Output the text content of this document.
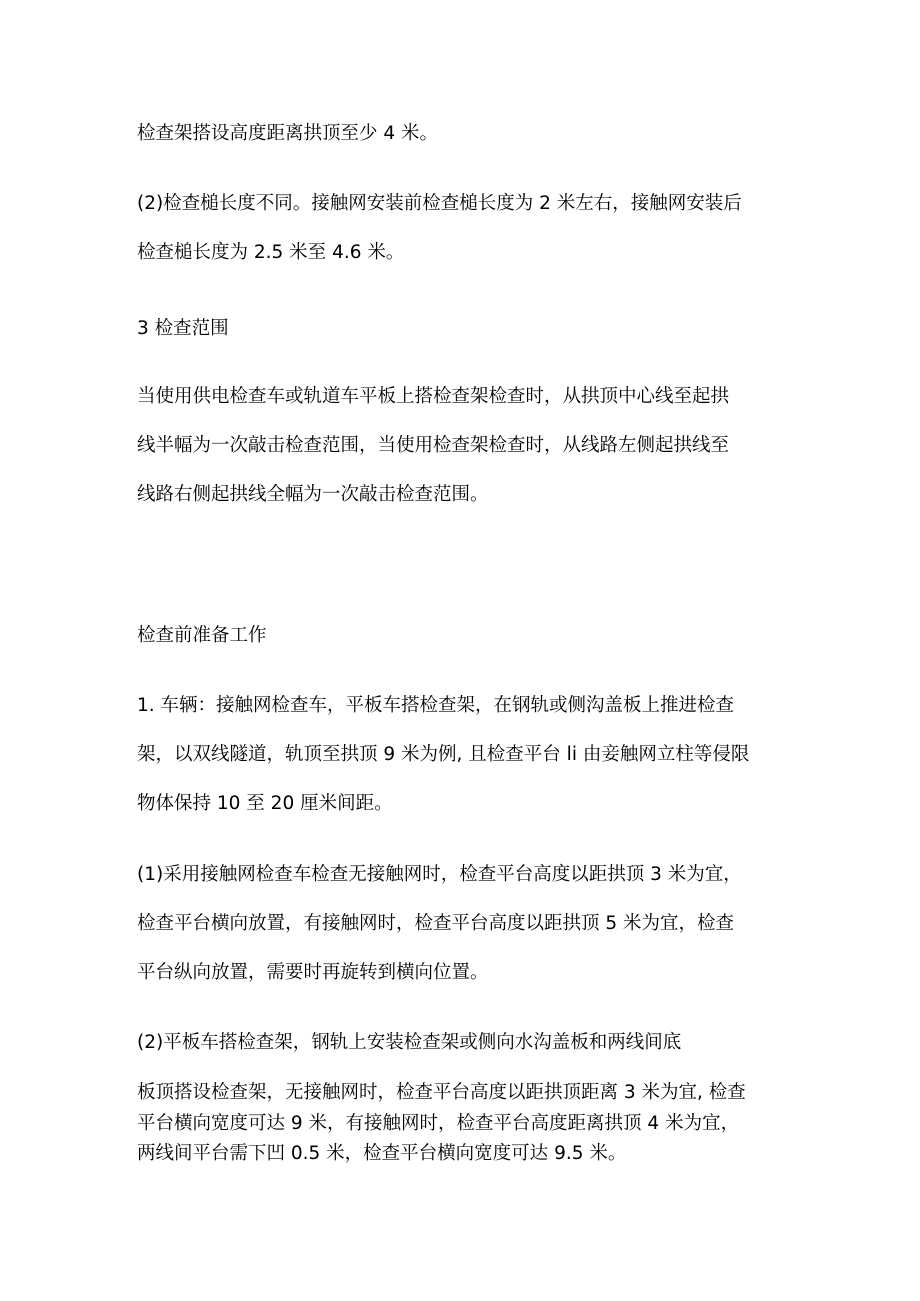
检查架搭设高度距离拱顶至少 4 米。
(2)检查槌长度不同。接触网安装前检查槌长度为 2 米左右，接触网安装后
检查槌长度为 2.5 米至 4.6 米。
3 检查范围
当使用供电检查车或轨道车平板上搭检查架检查时，从拱顶中心线至起拱
线半幅为一次敲击检查范围，当使用检查架检查时，从线路左侧起拱线至
线路右侧起拱线全幅为一次敲击检查范围。
检查前准备工作
1. 车辆：接触网检查车，平板车搭检查架，在钢轨或侧沟盖板上推进检查
架，以双线隧道，轨顶至拱顶 9 米为例, 且检查平台 li 由妾触网立柱等侵限
物体保持 10 至 20 厘米间距。
(1)采用接触网检查车检查无接触网时，检查平台高度以距拱顶 3 米为宜，
检查平台横向放置，有接触网时，检查平台高度以距拱顶 5 米为宜，检查
平台纵向放置，需要时再旋转到横向位置。
(2)平板车搭检查架，钢轨上安装检查架或侧向水沟盖板和两线间底
板顶搭设检查架，无接触网时，检查平台高度以距拱顶距离 3 米为宜, 检查
平台横向宽度可达 9 米，有接触网时，检查平台高度距离拱顶 4 米为宜，
两线间平台需下凹 0.5 米，检查平台横向宽度可达 9.5 米。
